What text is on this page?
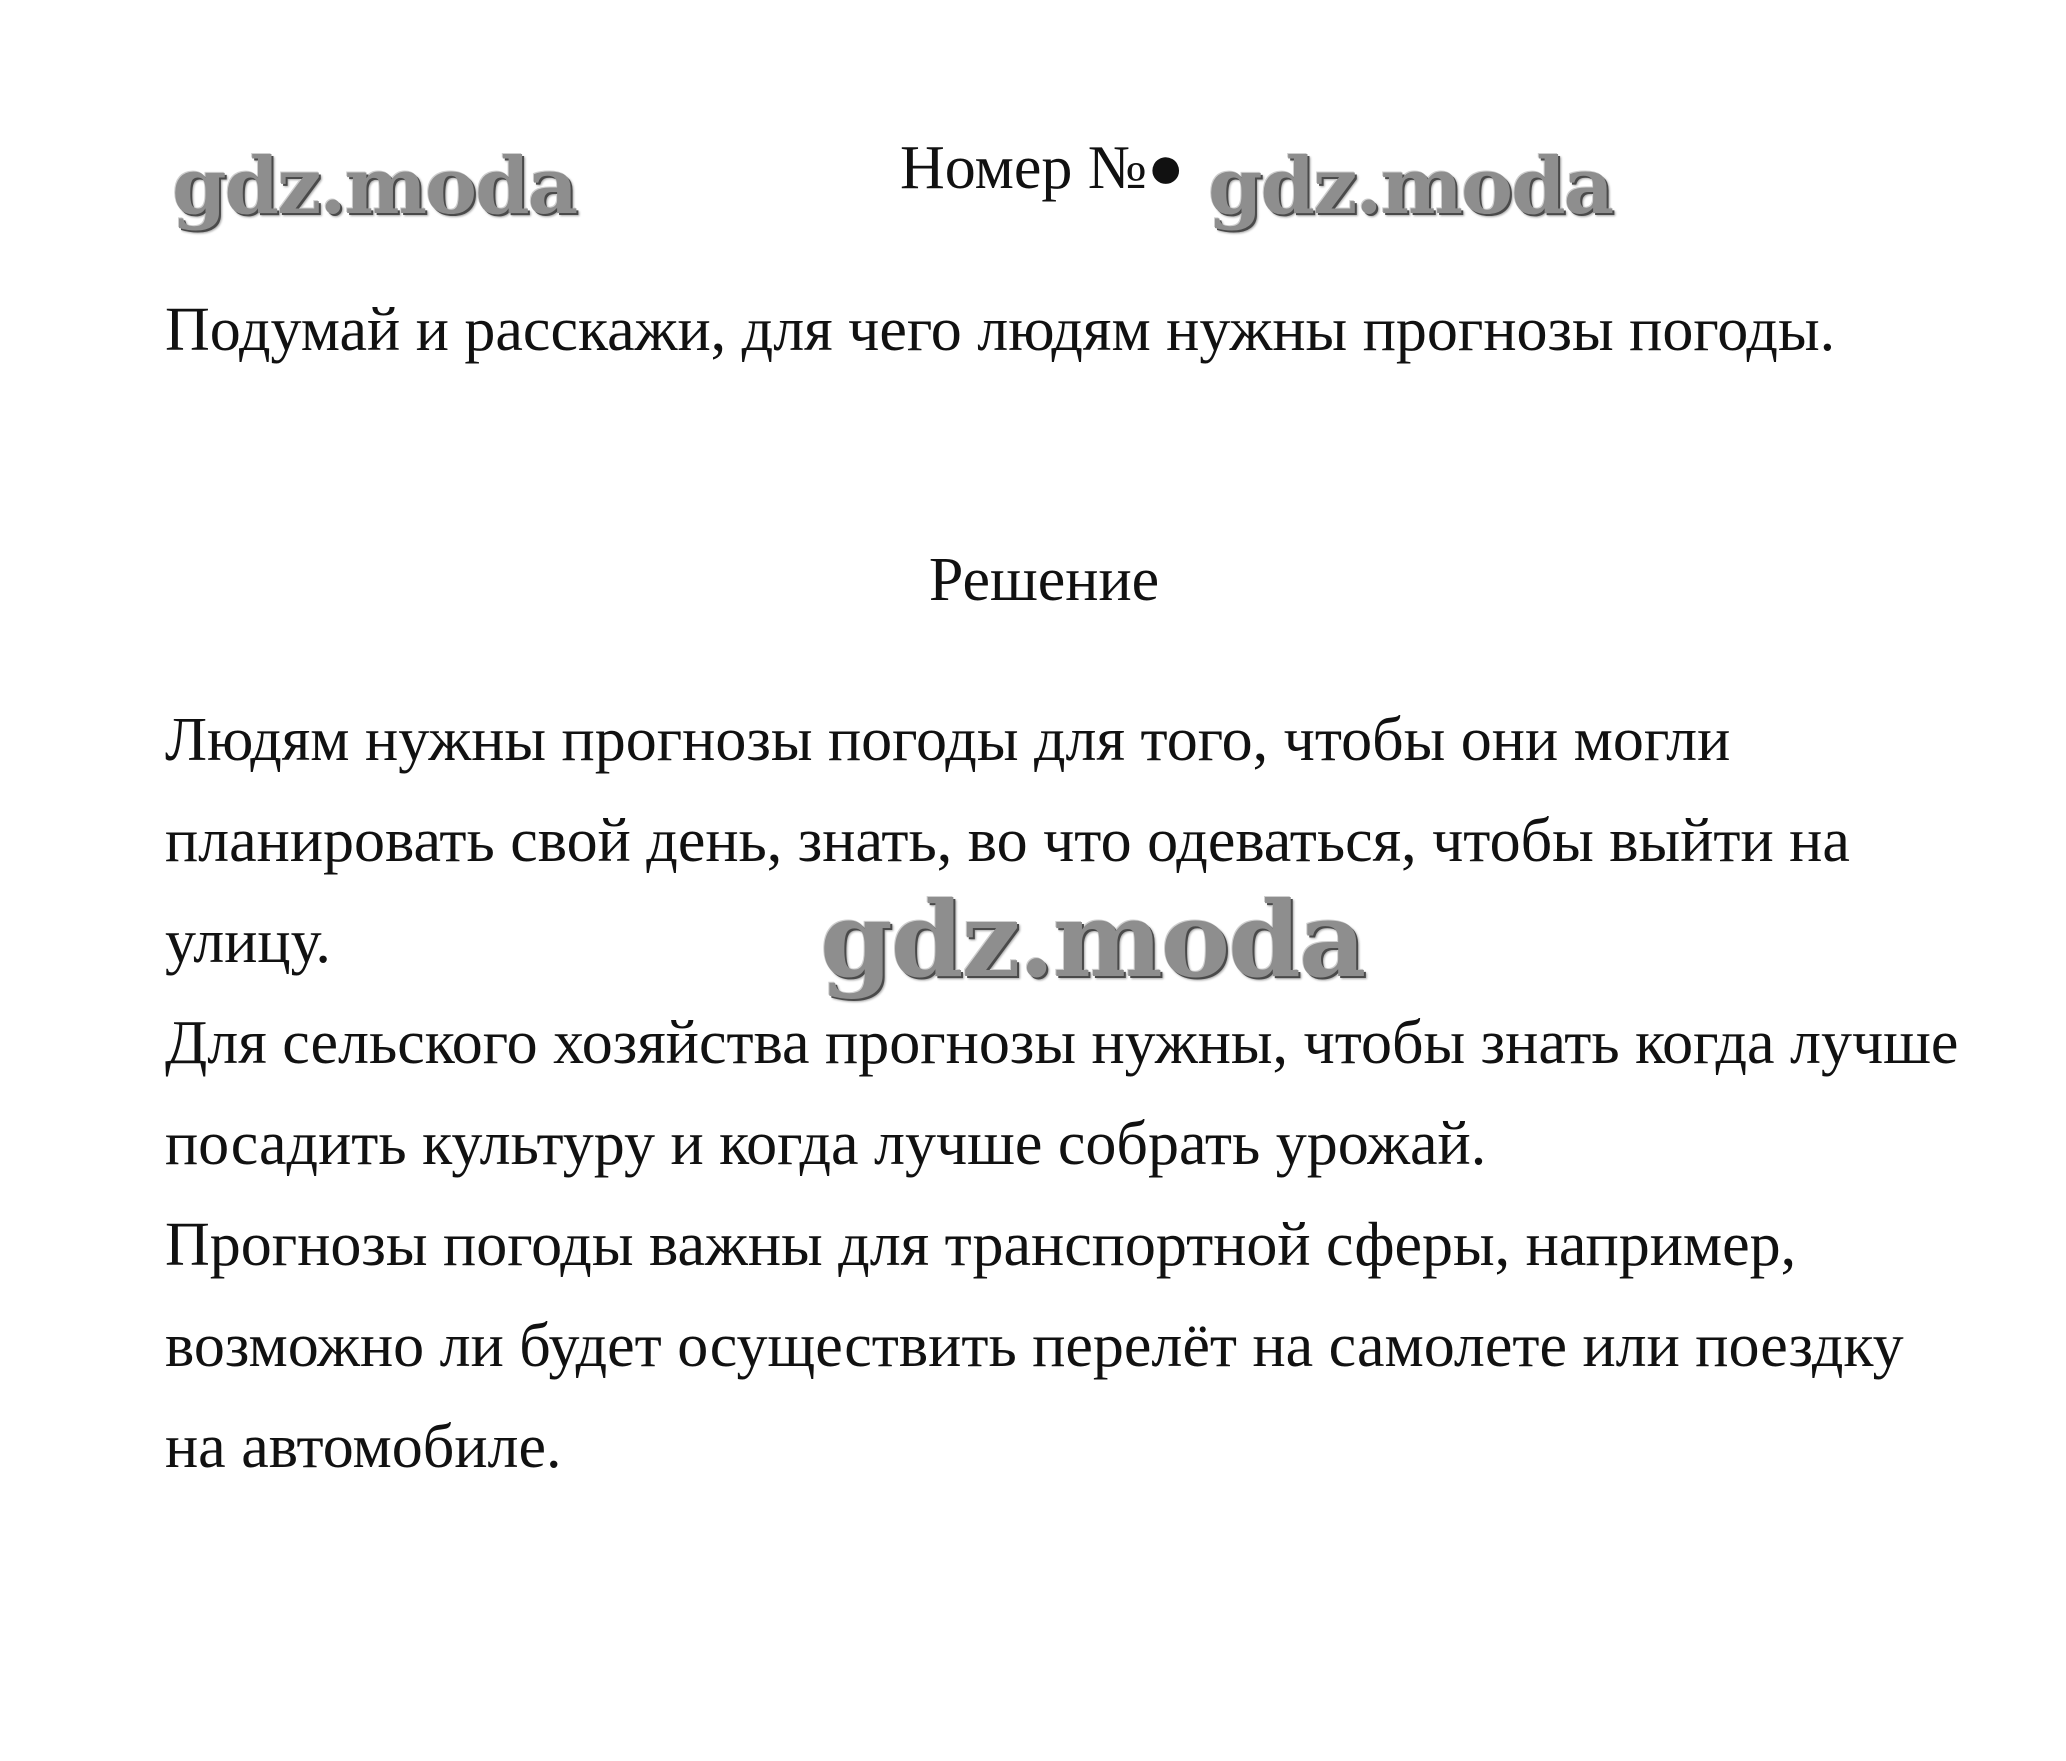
Номер №●
Подумай и расскажи, для чего людям нужны прогнозы погоды.
Решение

Людям нужны прогнозы погоды для того, чтобы они могли планировать свой день, знать, во что одеваться, чтобы выйти на улицу.

Для сельского хозяйства прогнозы нужны, чтобы знать когда лучше посадить культуру и когда лучше собрать урожай.

Прогнозы погоды важны для транспортной сферы, например, возможно ли будет осуществить перелёт на самолете или поездку на автомобиле.

gdz.moda	gdz.moda
gdz.moda
